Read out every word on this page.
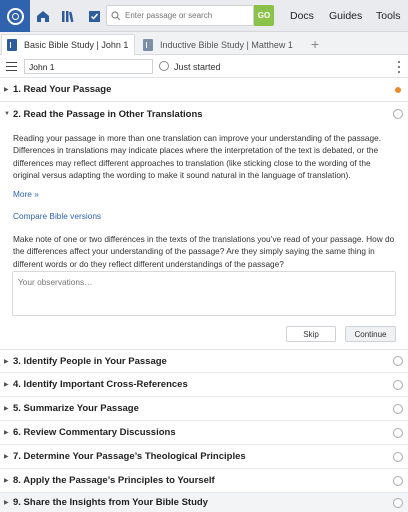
Enter passage or search
GO	Docs Guides Tools
Basic Bible Study | John 1	Inductive Bible Study | Matthew 1 +
John 1
Just started
▶ 1. Read Your Passage
▼ 2. Read the Passage in Other Translations

Reading your passage in more than one translation can improve your understanding of the passage. Differences in translations may indicate places where the interpretation of the text is debated, or the differences may reflect different approaches to translation (like sticking close to the wording of the original versus adapting the wording to make it sound natural in the language of translation).

More »
Compare Bible versions

Make note of one or two differences in the texts of the translations you’ve read of your passage. How do the differences affect your understanding of the passage? Are they simply saying the same thing in different words or do they reflect different understandings of the passage?

Your observations…
Skip	Continue
▶ 3. Identify People in Your Passage
▶ 4. Identify Important Cross-References
▶ 5. Summarize Your Passage
▶ 6. Review Commentary Discussions
▶ 7. Determine Your Passage’s Theological Principles
▶ 8. Apply the Passage’s Principles to Yourself
▶ 9. Share the Insights from Your Bible Study
